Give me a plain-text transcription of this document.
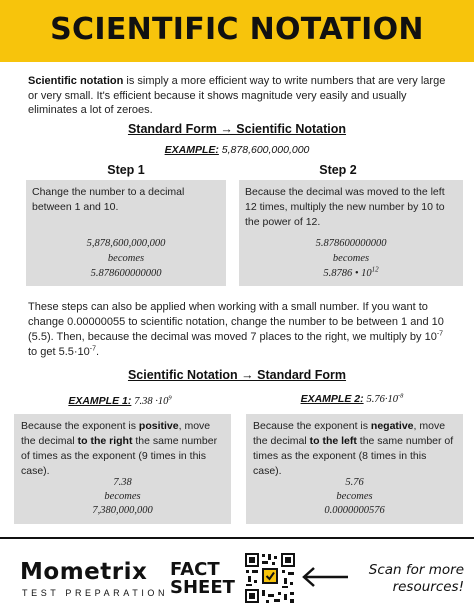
SCIENTIFIC NOTATION
Scientific notation is simply a more efficient way to write numbers that are very large or very small. It's efficient because it shows magnitude very easily and usually eliminates a lot of zeroes.
Standard Form → Scientific Notation
EXAMPLE: 5,878,600,000,000
Step 1	Step 2
Change the number to a decimal between 1 and 10.
5,878,600,000,000
becomes
5.878600000000
Because the decimal was moved to the left 12 times, multiply the new number by 10 to the power of 12.
5.878600000000
becomes
5.8786 • $10^{12}$
These steps can also be applied when working with a small number. If you want to change 0.00000055 to scientific notation, change the number to be between 1 and 10 (5.5). Then, because the decimal was moved 7 places to the right, we multiply by $10^{-7}$ to get $5.5\cdot 10^{-7}$.
Scientific Notation → Standard Form
EXAMPLE 1: $7.38 \cdot 10^9$	EXAMPLE 2: $5.76\cdot 10^{-8}$
Because the exponent is positive, move the decimal to the right the same number of times as the exponent (9 times in this case).
7.38
becomes
7,380,000,000
Because the exponent is negative, move the decimal to the left the same number of times as the exponent (8 times in this case).
5.76
becomes
0.0000000576
Mometrix
TEST PREPARATION
FACT
SHEET
Scan for more
resources!
